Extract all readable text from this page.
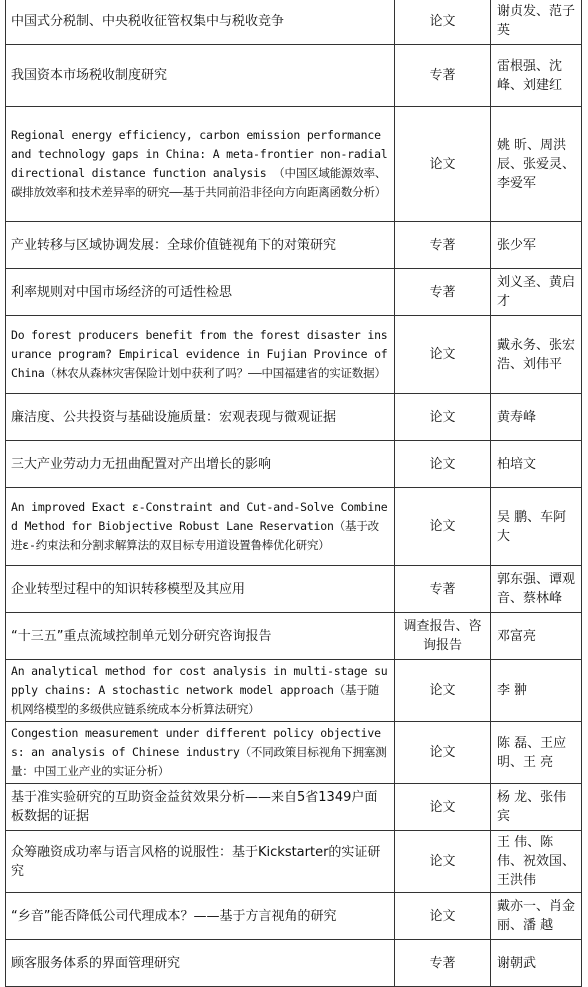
中国式分税制、中央税收征管权集中与税收竞争	论文	谢贞发、范子英
我国资本市场税收制度研究	专著	雷根强、沈 峰、刘建红
Regional energy efficiency, carbon emission performance and technology gaps in China: A meta-frontier non-radial directional distance function analysis （中国区域能源效率、碳排放效率和技术差异率的研究——基于共同前沿非径向方向距离函数分析）	论文	姚 昕、周洪辰、张爱灵、李爱军
产业转移与区域协调发展：全球价值链视角下的对策研究	专著	张少军
利率规则对中国市场经济的可适性检思	专著	刘义圣、黄启才
Do forest producers benefit from the forest disaster insurance program? Empirical evidence in Fujian Province of China（林农从森林灾害保险计划中获利了吗？——中国福建省的实证数据）	论文	戴永务、张宏浩、刘伟平
廉洁度、公共投资与基础设施质量：宏观表现与微观证据	论文	黄寿峰
三大产业劳动力无扭曲配置对产出增长的影响	论文	柏培文
An improved Exact ε-Constraint and Cut-and-Solve Combined Method for Biobjective Robust Lane Reservation（基于改进ε-约束法和分割求解算法的双目标专用道设置鲁棒优化研究）	论文	吴 鹏、车阿大
企业转型过程中的知识转移模型及其应用	专著	郭东强、谭观音、蔡林峰
“十三五”重点流域控制单元划分研究咨询报告	调查报告、咨询报告	邓富亮
An analytical method for cost analysis in multi-stage supply chains: A stochastic network model approach（基于随机网络模型的多级供应链系统成本分析算法研究）	论文	李 翀
Congestion measurement under different policy objectives: an analysis of Chinese industry（不同政策目标视角下拥塞测量：中国工业产业的实证分析）	论文	陈 磊、王应明、王 亮
基于准实验研究的互助资金益贫效果分析——来自5省1349户面板数据的证据	论文	杨 龙、张伟宾
众筹融资成功率与语言风格的说服性：基于Kickstarter的实证研究	论文	王 伟、陈 伟、祝效国、王洪伟
“乡音”能否降低公司代理成本？——基于方言视角的研究	论文	戴亦一、肖金丽、潘 越
顾客服务体系的界面管理研究	专著	谢朝武
